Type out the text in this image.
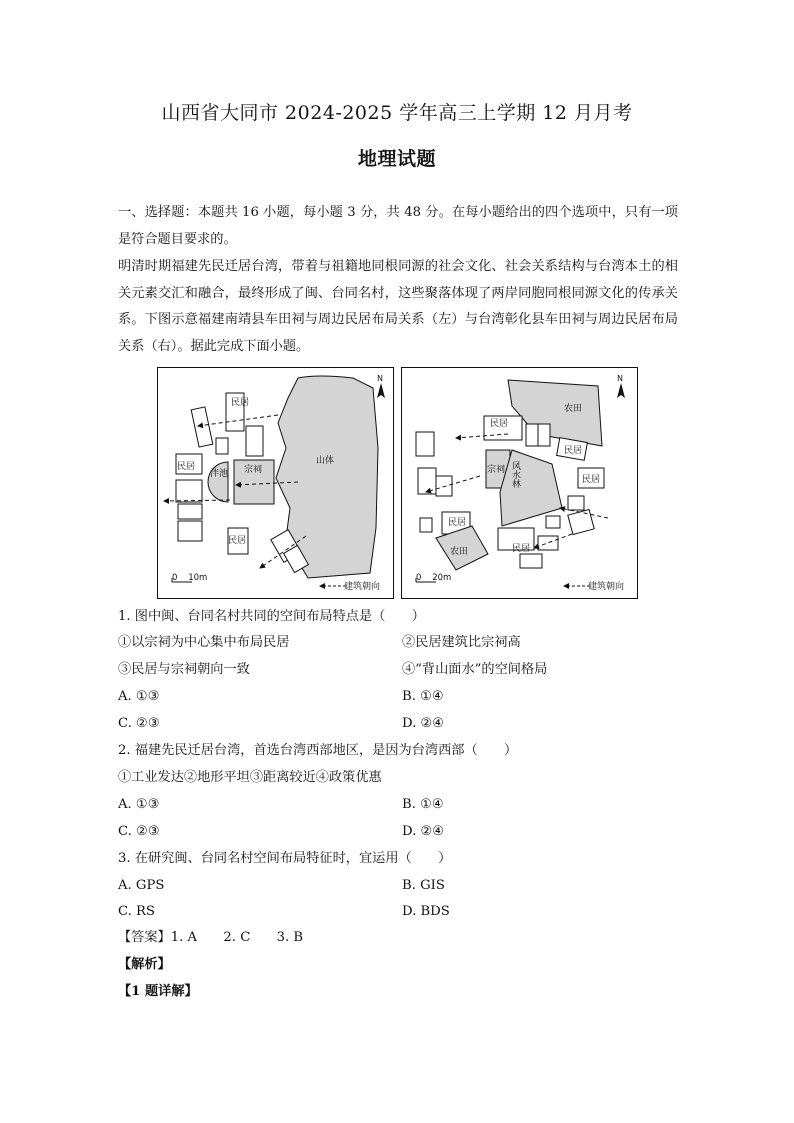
山西省大同市 2024-2025 学年高三上学期 12 月月考
地理试题

一、选择题：本题共 16 小题，每小题 3 分，共 48 分。在每小题给出的四个选项中，只有一项是符合题目要求的。

明清时期福建先民迁居台湾，带着与祖籍地同根同源的社会文化、社会关系结构与台湾本土的相关元素交汇和融合，最终形成了闽、台同名村，这些聚落体现了两岸同胞同根同源文化的传承关系。下图示意福建南靖县车田祠与周边民居布局关系（左）与台湾彰化县车田祠与周边民居布局关系（右）。据此完成下面小题。

山体
N
民居
民居
泮池 宗祠
民居
0    10m
建筑朝向
N
农田
民居
民居
宗祠 风水林
民居
农田
民居
民居
0    20m
建筑朝向
1. 图中闽、台同名村共同的空间布局特点是（　　）
①以宗祠为中心集中布局民居	②民居建筑比宗祠高
③民居与宗祠朝向一致	④“背山面水”的空间格局
A. ①③	B. ①④
C. ②③	D. ②④
2. 福建先民迁居台湾，首选台湾西部地区，是因为台湾西部（　　）
①工业发达②地形平坦③距离较近④政策优惠
A. ①③	B. ①④
C. ②③	D. ②④
3. 在研究闽、台同名村空间布局特征时，宜运用（　　）
A. GPS	B. GIS
C. RS	D. BDS
【答案】1. A　　2. C　　3. B
【解析】
【1 题详解】
